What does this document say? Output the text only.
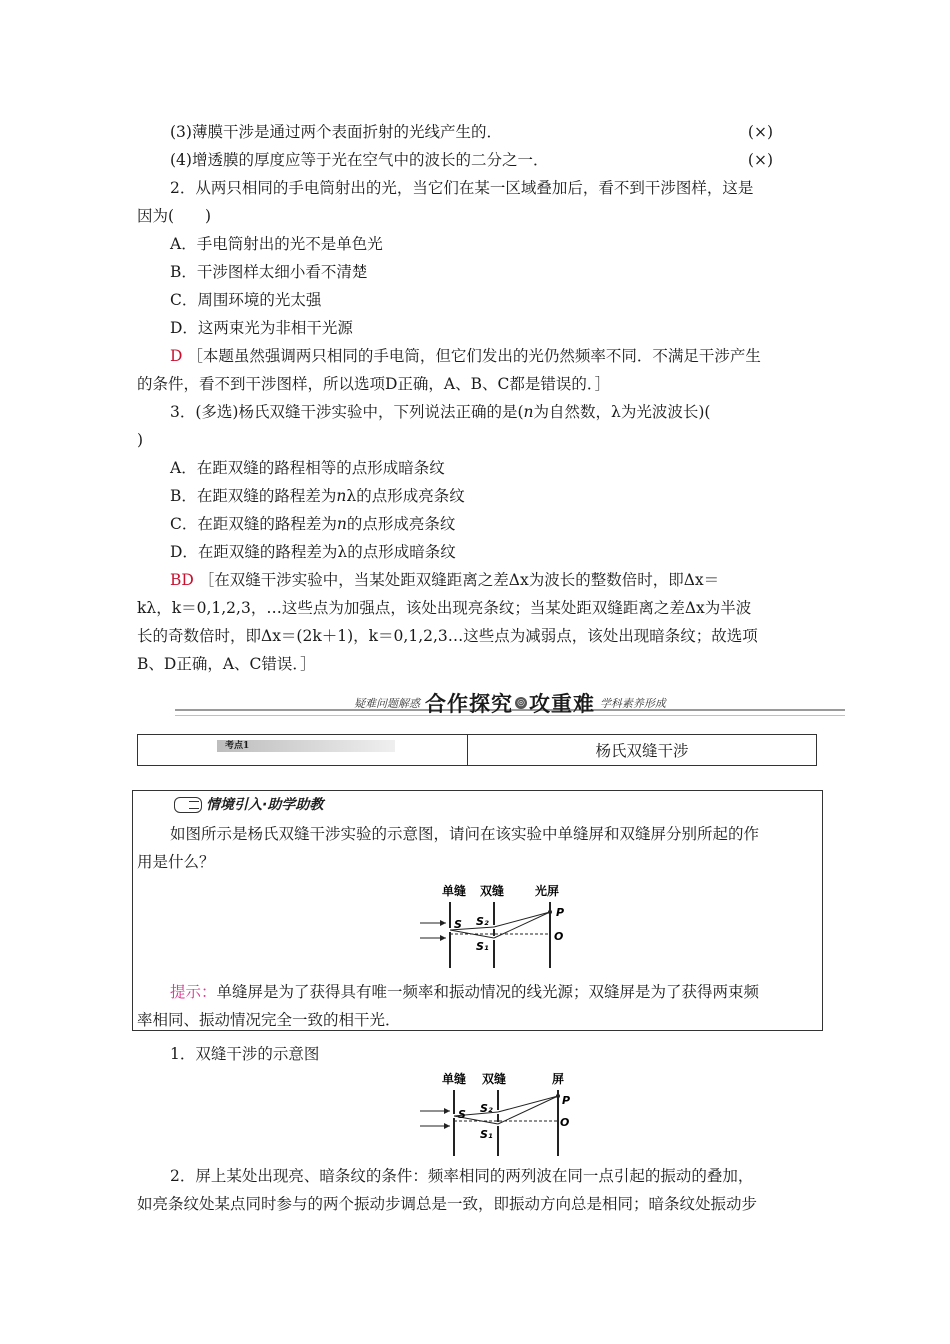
(3)薄膜干涉是通过两个表面折射的光线产生的．	(×)
(4)增透膜的厚度应等于光在空气中的波长的二分之一．	(×)
2．从两只相同的手电筒射出的光，当它们在某一区域叠加后，看不到干涉图样，这是
因为(　　)
A．手电筒射出的光不是单色光
B．干涉图样太细小看不清楚
C．周围环境的光太强
D．这两束光为非相干光源
D ［本题虽然强调两只相同的手电筒，但它们发出的光仍然频率不同．不满足干涉产生
的条件，看不到干涉图样，所以选项D正确，A、B、C都是错误的．］
3．(多选)杨氏双缝干涉实验中，下列说法正确的是(n为自然数，λ为光波波长)(
)
A．在距双缝的路程相等的点形成暗条纹
B．在距双缝的路程差为nλ的点形成亮条纹
C．在距双缝的路程差为n的点形成亮条纹
D．在距双缝的路程差为λ的点形成暗条纹
BD ［在双缝干涉实验中，当某处距双缝距离之差Δx为波长的整数倍时，即Δx＝
kλ，k＝0,1,2,3，…这些点为加强点，该处出现亮条纹；当某处距双缝距离之差Δx为半波
长的奇数倍时，即Δx＝(2k＋1)，k＝0,1,2,3…这些点为减弱点，该处出现暗条纹；故选项
B、D正确，A、C错误．］
疑难问题解惑 合作探究 ◎ 攻重难 学科素养形成
考点1	杨氏双缝干涉
情境引入·助学助教
如图所示是杨氏双缝干涉实验的示意图，请问在该实验中单缝屏和双缝屏分别所起的作
用是什么？
单缝 双缝	光屏
S S₂
S₁
P
O
提示：单缝屏是为了获得具有唯一频率和振动情况的线光源；双缝屏是为了获得两束频
率相同、振动情况完全一致的相干光．
1．双缝干涉的示意图
单缝 双缝	屏
S S₂
S₁
P
O
2．屏上某处出现亮、暗条纹的条件：频率相同的两列波在同一点引起的振动的叠加，
如亮条纹处某点同时参与的两个振动步调总是一致，即振动方向总是相同；暗条纹处振动步
